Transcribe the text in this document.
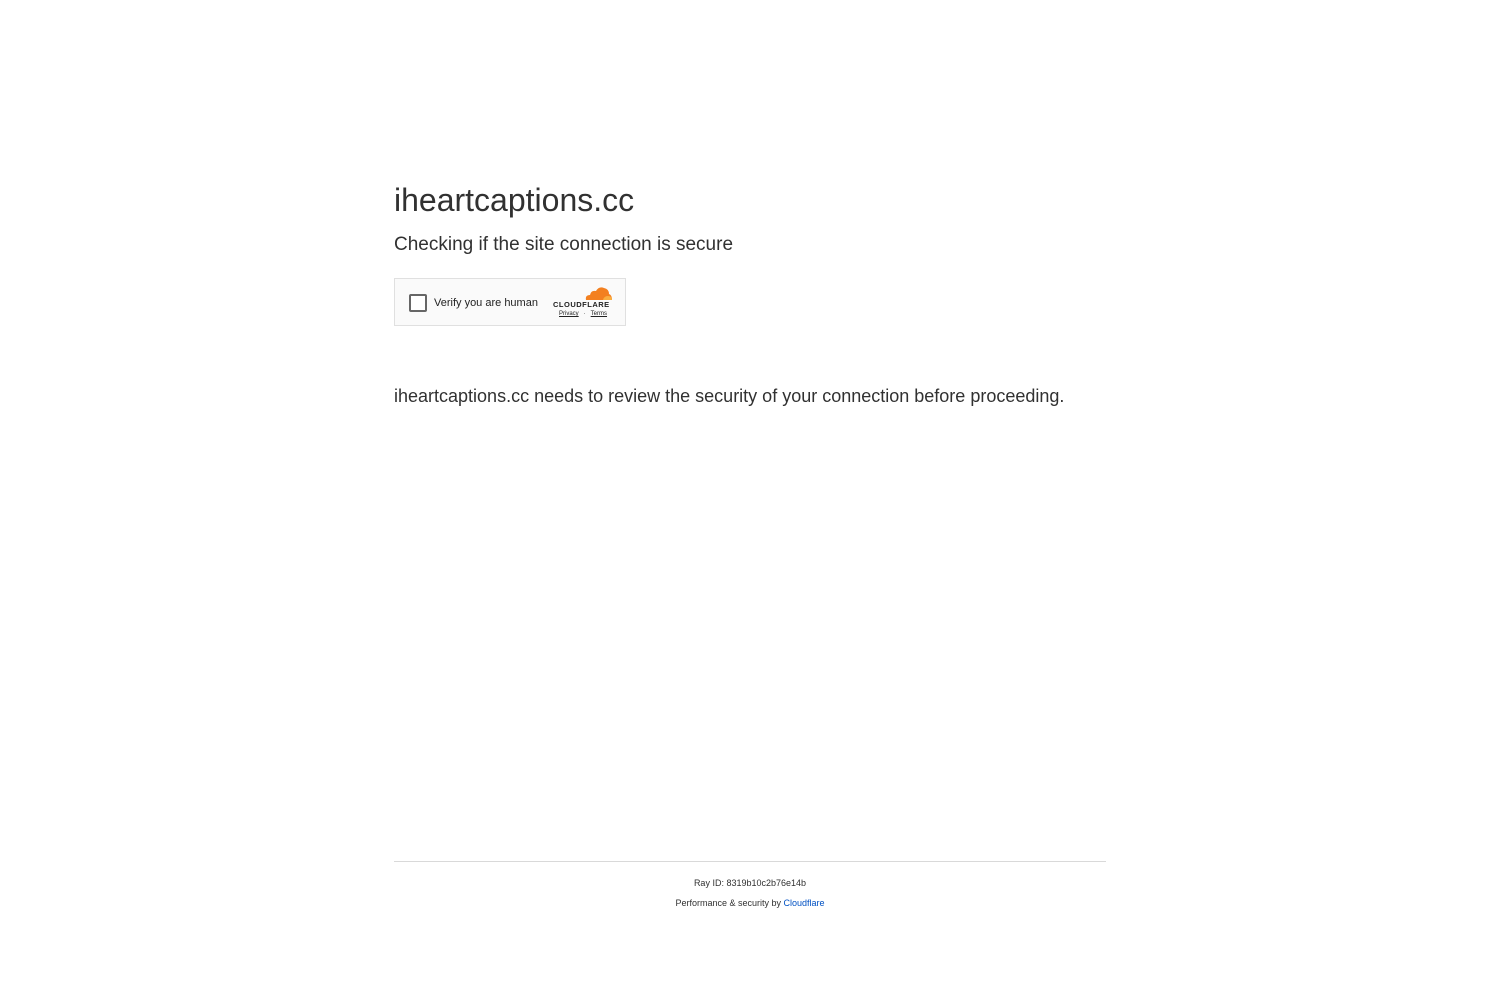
iheartcaptions.cc
Checking if the site connection is secure
Verify you are human CLOUDFLARE
Privacy · Terms
iheartcaptions.cc needs to review the security of your connection before proceeding.
Ray ID: 8319b10c2b76e14b
Performance & security by Cloudflare
